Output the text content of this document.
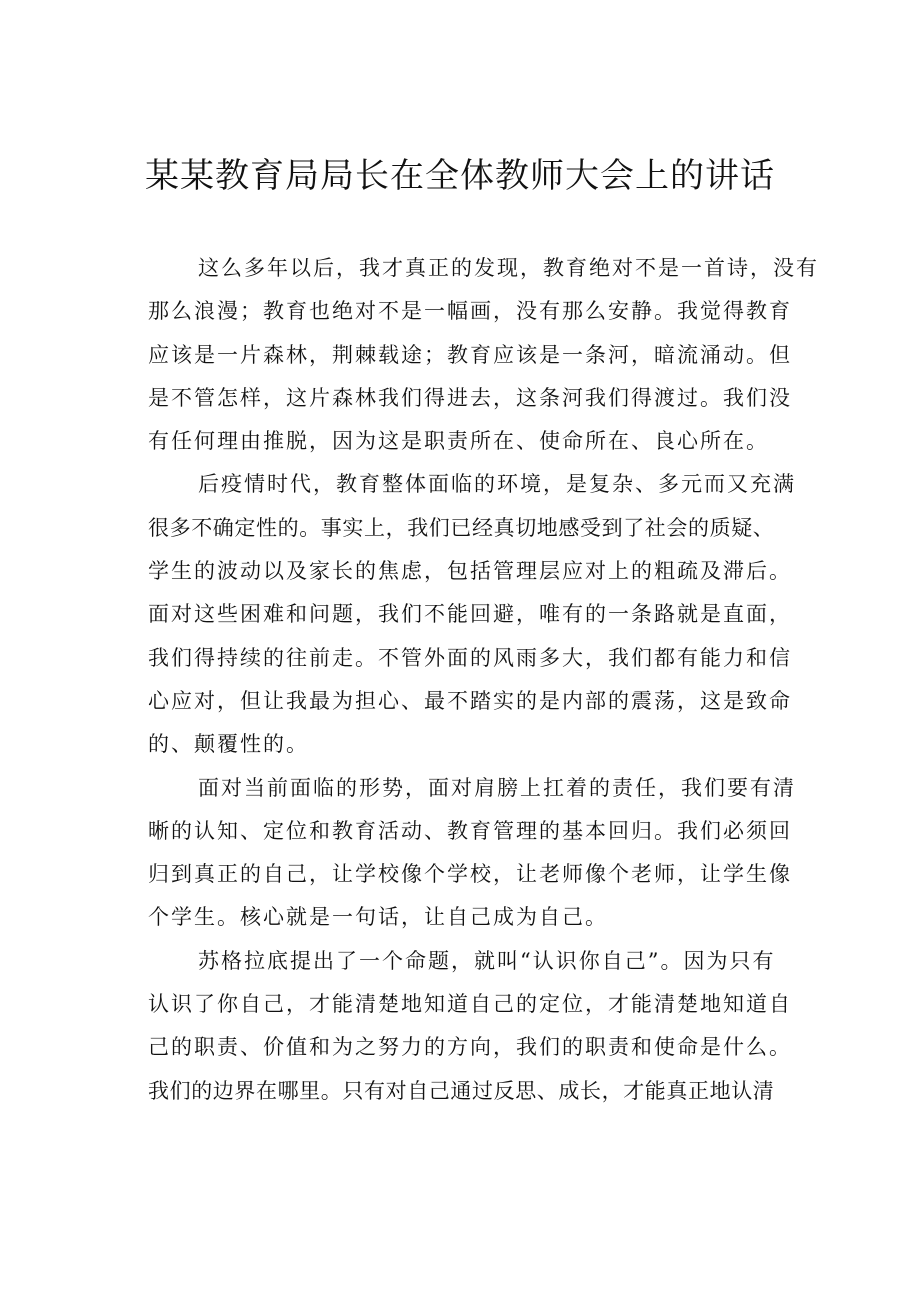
某某教育局局长在全体教师大会上的讲话

这么多年以后，我才真正的发现，教育绝对不是一首诗，没有
那么浪漫；教育也绝对不是一幅画，没有那么安静。我觉得教育
应该是一片森林，荆棘载途；教育应该是一条河，暗流涌动。但
是不管怎样，这片森林我们得进去，这条河我们得渡过。我们没
有任何理由推脱，因为这是职责所在、使命所在、良心所在。

后疫情时代，教育整体面临的环境，是复杂、多元而又充满
很多不确定性的。事实上，我们已经真切地感受到了社会的质疑、
学生的波动以及家长的焦虑，包括管理层应对上的粗疏及滞后。
面对这些困难和问题，我们不能回避，唯有的一条路就是直面，
我们得持续的往前走。不管外面的风雨多大，我们都有能力和信
心应对，但让我最为担心、最不踏实的是内部的震荡，这是致命
的、颠覆性的。

面对当前面临的形势，面对肩膀上扛着的责任，我们要有清
晰的认知、定位和教育活动、教育管理的基本回归。我们必须回
归到真正的自己，让学校像个学校，让老师像个老师，让学生像
个学生。核心就是一句话，让自己成为自己。

苏格拉底提出了一个命题，就叫“认识你自己”。因为只有
认识了你自己，才能清楚地知道自己的定位，才能清楚地知道自
己的职责、价值和为之努力的方向，我们的职责和使命是什么。
我们的边界在哪里。只有对自己通过反思、成长，才能真正地认清
